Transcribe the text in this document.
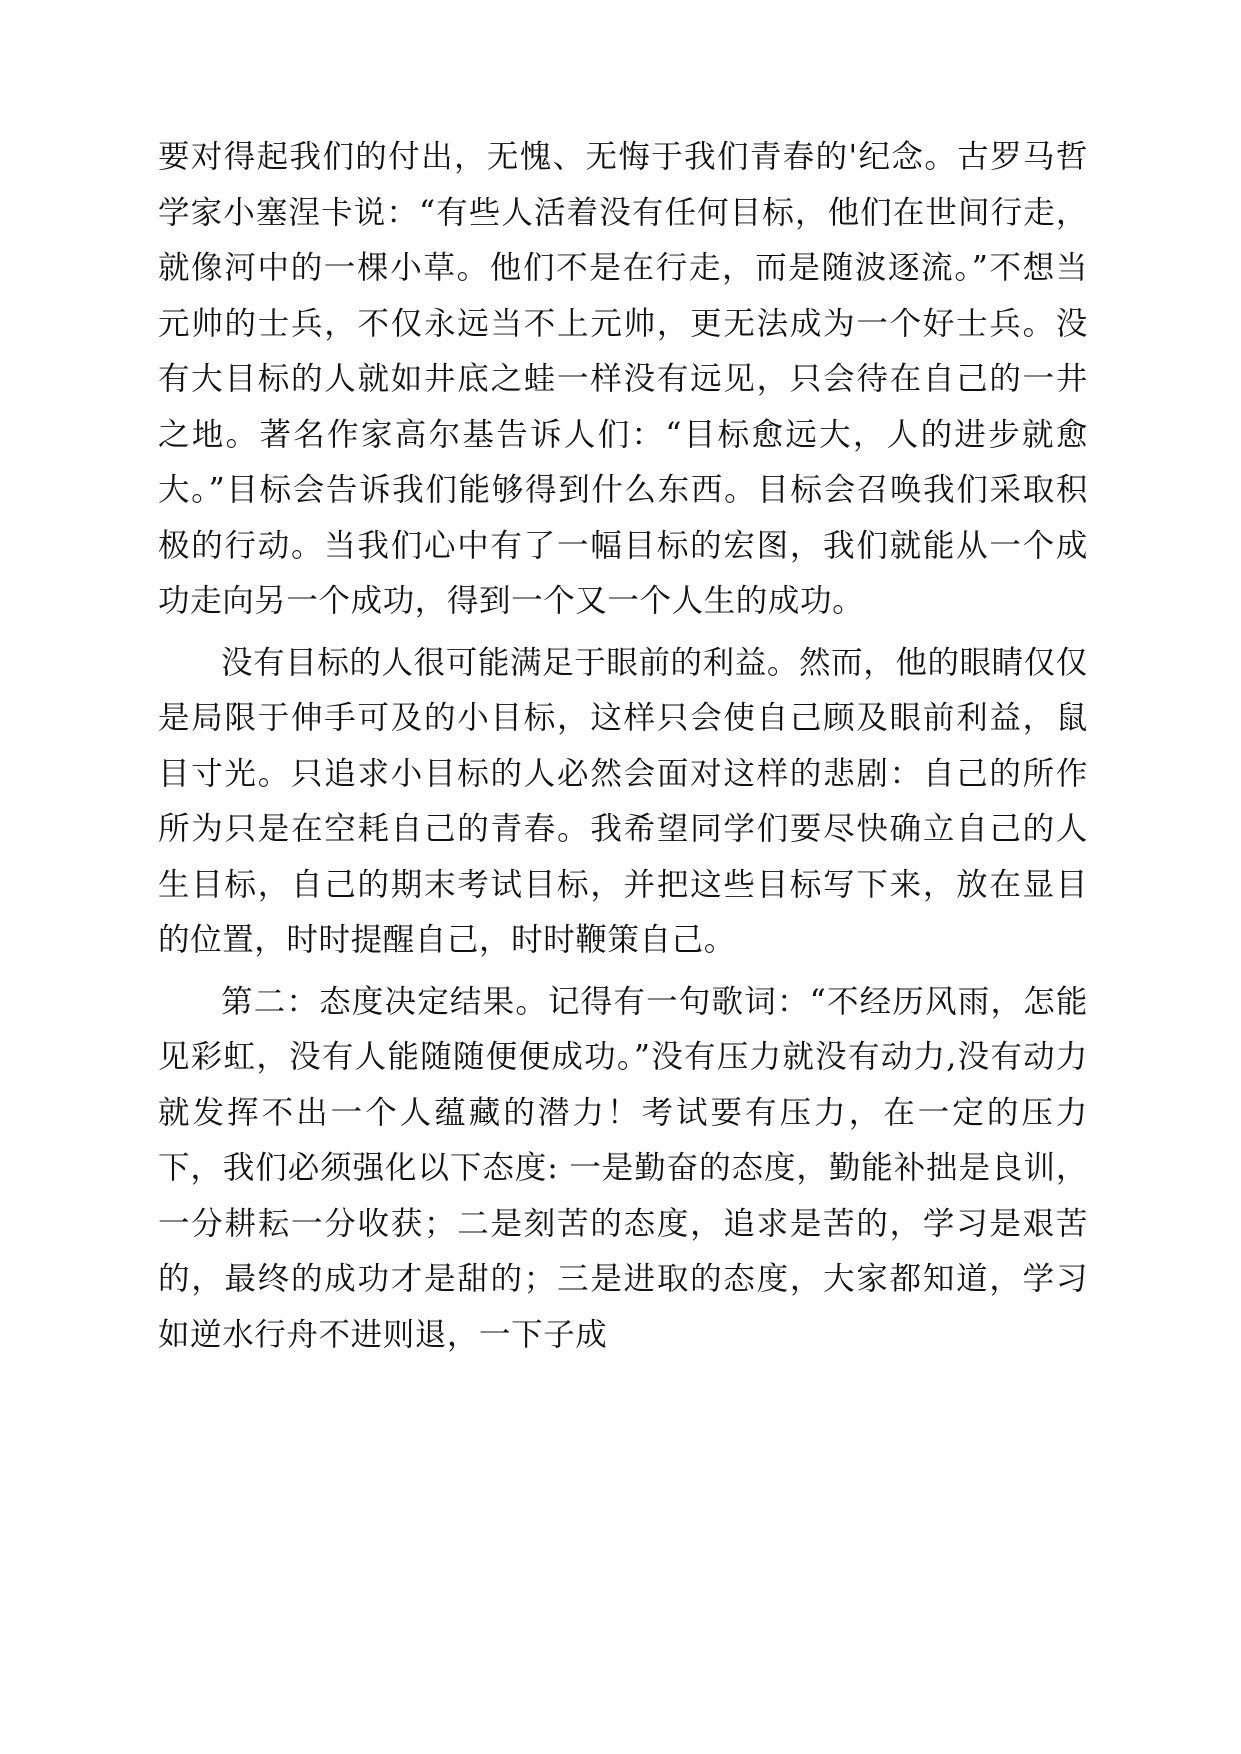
要对得起我们的付出，无愧、无悔于我们青春的'纪念。古罗马哲学家小塞涅卡说：“有些人活着没有任何目标，他们在世间行走，就像河中的一棵小草。他们不是在行走，而是随波逐流。”不想当元帅的士兵，不仅永远当不上元帅，更无法成为一个好士兵。没有大目标的人就如井底之蛙一样没有远见，只会待在自己的一井之地。著名作家高尔基告诉人们：“目标愈远大，人的进步就愈大。”目标会告诉我们能够得到什么东西。目标会召唤我们采取积极的行动。当我们心中有了一幅目标的宏图，我们就能从一个成功走向另一个成功，得到一个又一个人生的成功。

没有目标的人很可能满足于眼前的利益。然而，他的眼睛仅仅是局限于伸手可及的小目标，这样只会使自己顾及眼前利益，鼠目寸光。只追求小目标的人必然会面对这样的悲剧：自己的所作所为只是在空耗自己的青春。我希望同学们要尽快确立自己的人生目标，自己的期末考试目标，并把这些目标写下来，放在显目的位置，时时提醒自己，时时鞭策自己。

第二：态度决定结果。记得有一句歌词：“不经历风雨，怎能见彩虹，没有人能随随便便成功。”没有压力就没有动力,没有动力就发挥不出一个人蕴藏的潜力！考试要有压力，在一定的压力下，我们必须强化以下态度: 一是勤奋的态度，勤能补拙是良训，一分耕耘一分收获；二是刻苦的态度，追求是苦的，学习是艰苦的，最终的成功才是甜的；三是进取的态度，大家都知道，学习如逆水行舟不进则退，一下子成
